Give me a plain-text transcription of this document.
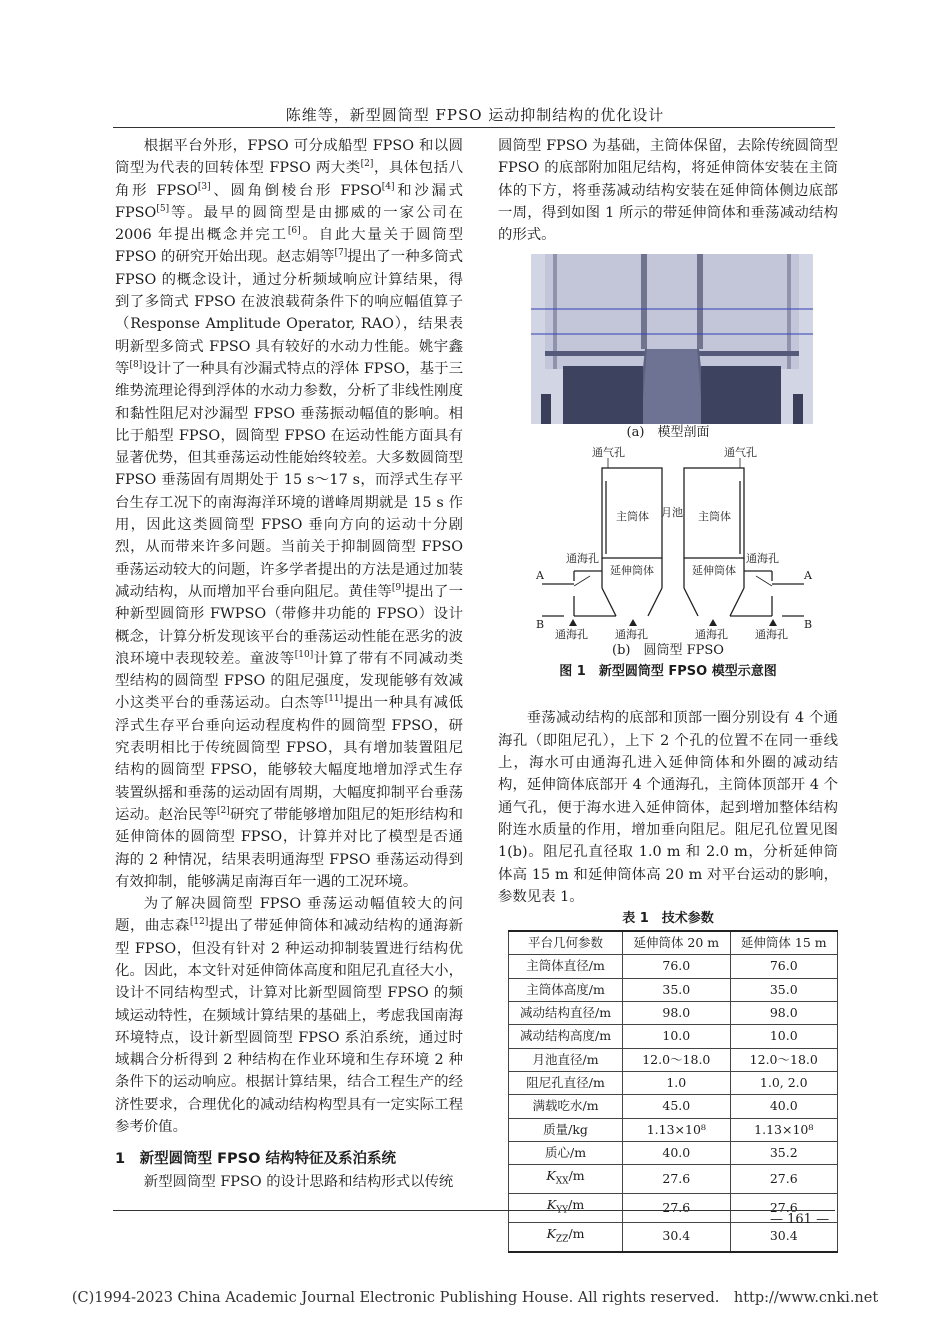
陈维等，新型圆筒型 FPSO 运动抑制结构的优化设计

根据平台外形，FPSO 可分成船型 FPSO 和以圆筒型为代表的回转体型 FPSO 两大类[2]，具体包括八角形 FPSO[3]、圆角倒棱台形 FPSO[4]和沙漏式 FPSO[5]等。最早的圆筒型是由挪威的一家公司在 2006 年提出概念并完工[6]。自此大量关于圆筒型 FPSO 的研究开始出现。赵志娟等[7]提出了一种多筒式 FPSO 的概念设计，通过分析频域响应计算结果，得到了多筒式 FPSO 在波浪载荷条件下的响应幅值算子（Response Amplitude Operator, RAO），结果表明新型多筒式 FPSO 具有较好的水动力性能。姚宇鑫等[8]设计了一种具有沙漏式特点的浮体 FPSO，基于三维势流理论得到浮体的水动力参数，分析了非线性刚度和黏性阻尼对沙漏型 FPSO 垂荡振动幅值的影响。相比于船型 FPSO，圆筒型 FPSO 在运动性能方面具有显著优势，但其垂荡运动性能始终较差。大多数圆筒型 FPSO 垂荡固有周期处于 15 s～17 s，而浮式生存平台生存工况下的南海海洋环境的谱峰周期就是 15 s 作用，因此这类圆筒型 FPSO 垂向方向的运动十分剧烈，从而带来许多问题。当前关于抑制圆筒型 FPSO 垂荡运动较大的问题，许多学者提出的方法是通过加装减动结构，从而增加平台垂向阻尼。黄佳等[9]提出了一种新型圆筒形 FWPSO（带修井功能的 FPSO）设计概念，计算分析发现该平台的垂荡运动性能在恶劣的波浪环境中表现较差。童波等[10]计算了带有不同减动类型结构的圆筒型 FPSO 的阻尼强度，发现能够有效减小这类平台的垂荡运动。白杰等[11]提出一种具有减低浮式生存平台垂向运动程度构件的圆筒型 FPSO，研究表明相比于传统圆筒型 FPSO，具有增加装置阻尼结构的圆筒型 FPSO，能够较大幅度地增加浮式生存装置纵摇和垂荡的运动固有周期，大幅度抑制平台垂荡运动。赵治民等[2]研究了带能够增加阻尼的矩形结构和延伸筒体的圆筒型 FPSO，计算并对比了模型是否通海的 2 种情况，结果表明通海型 FPSO 垂荡运动得到有效抑制，能够满足南海百年一遇的工况环境。

为了解决圆筒型 FPSO 垂荡运动幅值较大的问题，曲志森[12]提出了带延伸筒体和减动结构的通海新型 FPSO，但没有针对 2 种运动抑制装置进行结构优化。因此，本文针对延伸筒体高度和阻尼孔直径大小，设计不同结构型式，计算对比新型圆筒型 FPSO 的频域运动特性，在频域计算结果的基础上，考虑我国南海环境特点，设计新型圆筒型 FPSO 系泊系统，通过时域耦合分析得到 2 种结构在作业环境和生存环境 2 种条件下的运动响应。根据计算结果，结合工程生产的经济性要求，合理优化的减动结构构型具有一定实际工程参考价值。

1　新型圆筒型 FPSO 结构特征及系泊系统

新型圆筒型 FPSO 的设计思路和结构形式以传统

圆筒型 FPSO 为基础，主筒体保留，去除传统圆筒型 FPSO 的底部附加阻尼结构，将延伸筒体安装在主筒体的下方，将垂荡减动结构安装在延伸筒体侧边底部一周，得到如图 1 所示的带延伸筒体和垂荡减动结构的形式。

(a)　模型剖面
通气孔	通气孔
主筒体	主筒体
月池
延伸筒体	延伸筒体
通海孔	通海孔
通海孔 通海孔	通海孔 通海孔
A	A
B	B
(b)　圆筒型 FPSO
图 1　新型圆筒型 FPSO 模型示意图

垂荡减动结构的底部和顶部一圈分别设有 4 个通海孔（即阻尼孔），上下 2 个孔的位置不在同一垂线上，海水可由通海孔进入延伸筒体和外圈的减动结构，延伸筒体底部开 4 个通海孔，主筒体顶部开 4 个通气孔，便于海水进入延伸筒体，起到增加整体结构附连水质量的作用，增加垂向阻尼。阻尼孔位置见图 1(b)。阻尼孔直径取 1.0 m 和 2.0 m，分析延伸筒体高 15 m 和延伸筒体高 20 m 对平台运动的影响，参数见表 1。

表 1　技术参数
平台几何参数	延伸筒体 20 m	延伸筒体 15 m
主筒体直径/m	76.0	76.0
主筒体高度/m	35.0	35.0
减动结构直径/m	98.0	98.0
减动结构高度/m	10.0	10.0
月池直径/m	12.0～18.0	12.0～18.0
阻尼孔直径/m	1.0	1.0, 2.0
满载吃水/m	45.0	40.0
质量/kg	1.13×10⁸	1.13×10⁸
质心/m	40.0	35.2
$K_{XX}/m$	27.6	27.6
$K_{YY}/m$	27.6	27.6
$K_{ZZ}/m$	30.4	30.4
— 161 —
(C)1994-2023 China Academic Journal Electronic Publishing House. All rights reserved.　http://www.cnki.net
